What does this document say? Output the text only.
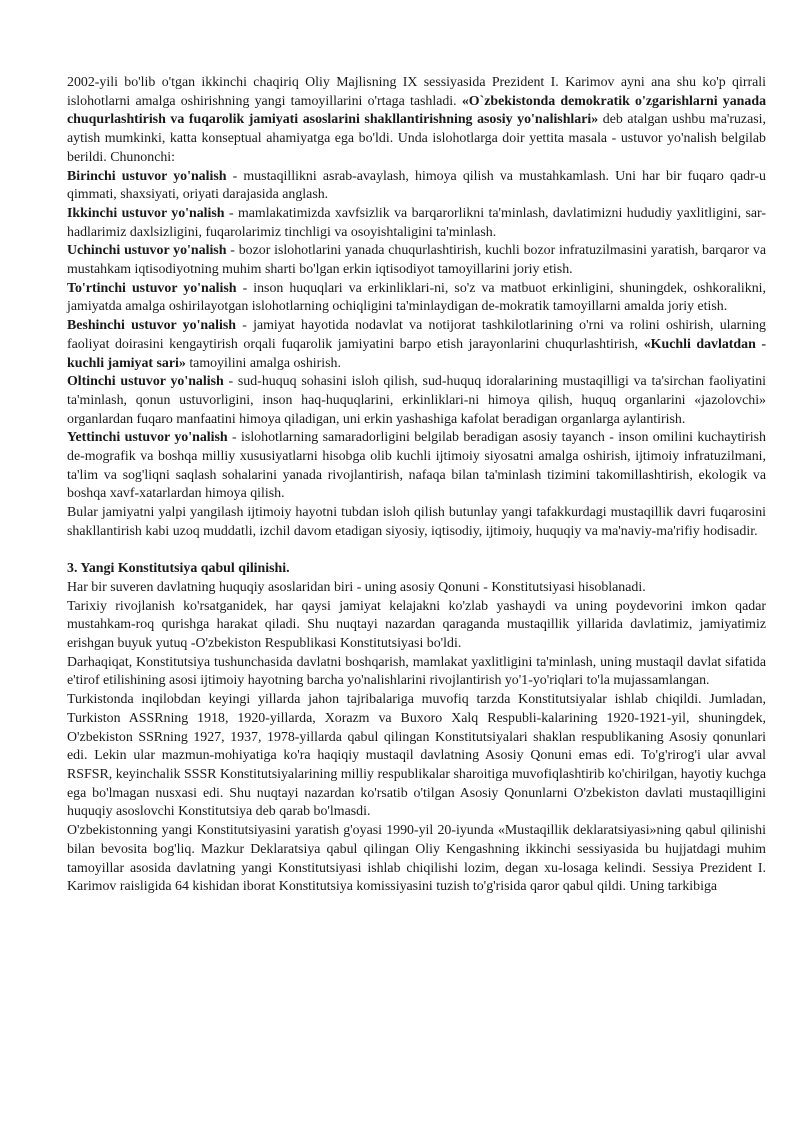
2002-yili bo'lib o'tgan ikkinchi chaqiriq Oliy Majlisning IX sessiyasida Prezident I. Karimov ayni ana shu ko'p qirrali islohotlarni amalga oshirishning yangi tamoyillarini o'rtaga tashladi. «O`zbekistonda demokratik o'zgarishlarni yanada chuqurlashtirish va fuqarolik jamiyati asoslarini shakllantirishning asosiy yo'nalishlari» deb atalgan ushbu ma'ruzasi, aytish mumkinki, katta konseptual ahamiyatga ega bo'ldi. Unda islohotlarga doir yettita masala - ustuvor yo'nalish belgilab berildi. Chunonchi:

Birinchi ustuvor yo'nalish - mustaqillikni asrab-avaylash, himoya qilish va mustahkamlash. Uni har bir fuqaro qadr-u qimmati, shaxsiyati, oriyati darajasida anglash.

Ikkinchi ustuvor yo'nalish - mamlakatimizda xavfsizlik va barqarorlikni ta'minlash, davlatimizni hududiy yaxlitligini, sar-hadlarimiz daxlsizligini, fuqarolarimiz tinchligi va osoyishtaligini ta'minlash.

Uchinchi ustuvor yo'nalish - bozor islohotlarini yanada chuqurlashtirish, kuchli bozor infratuzilmasini yaratish, barqaror va mustahkam iqtisodiyotning muhim sharti bo'lgan erkin iqtisodiyot tamoyillarini joriy etish.

To'rtinchi ustuvor yo'nalish - inson huquqlari va erkinliklari-ni, so'z va matbuot erkinligini, shuningdek, oshkoralikni, jamiyatda amalga oshirilayotgan islohotlarning ochiqligini ta'minlaydigan de-mokratik tamoyillarni amalda joriy etish.

Beshinchi ustuvor yo'nalish - jamiyat hayotida nodavlat va notijorat tashkilotlarining o'rni va rolini oshirish, ularning faoliyat doirasini kengaytirish orqali fuqarolik jamiyatini barpo etish jarayonlarini chuqurlashtirish, «Kuchli davlatdan - kuchli jamiyat sari» tamoyilini amalga oshirish.

Oltinchi ustuvor yo'nalish - sud-huquq sohasini isloh qilish, sud-huquq idoralarining mustaqilligi va ta'sirchan faoliyatini ta'minlash, qonun ustuvorligini, inson haq-huquqlarini, erkinliklari-ni himoya qilish, huquq organlarini «jazolovchi» organlardan fuqaro manfaatini himoya qiladigan, uni erkin yashashiga kafolat beradigan organlarga aylantirish.

Yettinchi ustuvor yo'nalish - islohotlarning samaradorligini belgilab beradigan asosiy tayanch - inson omilini kuchaytirish de-mografik va boshqa milliy xususiyatlarni hisobga olib kuchli ijtimoiy siyosatni amalga oshirish, ijtimoiy infratuzilmani, ta'lim va sog'liqni saqlash sohalarini yanada rivojlantirish, nafaqa bilan ta'minlash tizimini takomillashtirish, ekologik va boshqa xavf-xatarlardan himoya qilish.

Bular jamiyatni yalpi yangilash ijtimoiy hayotni tubdan isloh qilish butunlay yangi tafakkurdagi mustaqillik davri fuqarosini shakllantirish kabi uzoq muddatli, izchil davom etadigan siyosiy, iqtisodiy, ijtimoiy, huquqiy va ma'naviy-ma'rifiy hodisadir.

3. Yangi Konstitutsiya qabul qilinishi.

Har bir suveren davlatning huquqiy asoslaridan biri - uning asosiy Qonuni - Konstitutsiyasi hisoblanadi.

Tarixiy rivojlanish ko'rsatganidek, har qaysi jamiyat kelajakni ko'zlab yashaydi va uning poydevorini imkon qadar mustahkam-roq qurishga harakat qiladi. Shu nuqtayi nazardan qaraganda mustaqillik yillarida davlatimiz, jamiyatimiz erishgan buyuk yutuq -O'zbekiston Respublikasi Konstitutsiyasi bo'ldi.

Darhaqiqat, Konstitutsiya tushunchasida davlatni boshqarish, mamlakat yaxlitligini ta'minlash, uning mustaqil davlat sifatida e'tirof etilishining asosi ijtimoiy hayotning barcha yo'nalishlarini rivojlantirish yo'1-yo'riqlari to'la mujassamlangan.

Turkistonda inqilobdan keyingi yillarda jahon tajribalariga muvofiq tarzda Konstitutsiyalar ishlab chiqildi. Jumladan, Turkiston ASSRning 1918, 1920-yillarda, Xorazm va Buxoro Xalq Respubli-kalarining 1920-1921-yil, shuningdek, O'zbekiston SSRning 1927, 1937, 1978-yillarda qabul qilingan Konstitutsiyalari shaklan respublikaning Asosiy qonunlari edi. Lekin ular mazmun-mohiyatiga ko'ra haqiqiy mustaqil davlatning Asosiy Qonuni emas edi. To'g'rirog'i ular avval RSFSR, keyinchalik SSSR Konstitutsiyalarining milliy respublikalar sharoitiga muvofiqlashtirib ko'chirilgan, hayotiy kuchga ega bo'lmagan nusxasi edi. Shu nuqtayi nazardan ko'rsatib o'tilgan Asosiy Qonunlarni O'zbekiston davlati mustaqilligini huquqiy asoslovchi Konstitutsiya deb qarab bo'lmasdi.

O'zbekistonning yangi Konstitutsiyasini yaratish g'oyasi 1990-yil 20-iyunda «Mustaqillik deklaratsiyasi»ning qabul qilinishi bilan bevosita bog'liq. Mazkur Deklaratsiya qabul qilingan Oliy Kengashning ikkinchi sessiyasida bu hujjatdagi muhim tamoyillar asosida davlatning yangi Konstitutsiyasi ishlab chiqilishi lozim, degan xu-losaga kelindi. Sessiya Prezident I. Karimov raisligida 64 kishidan iborat Konstitutsiya komissiyasini tuzish to'g'risida qaror qabul qildi. Uning tarkibiga
